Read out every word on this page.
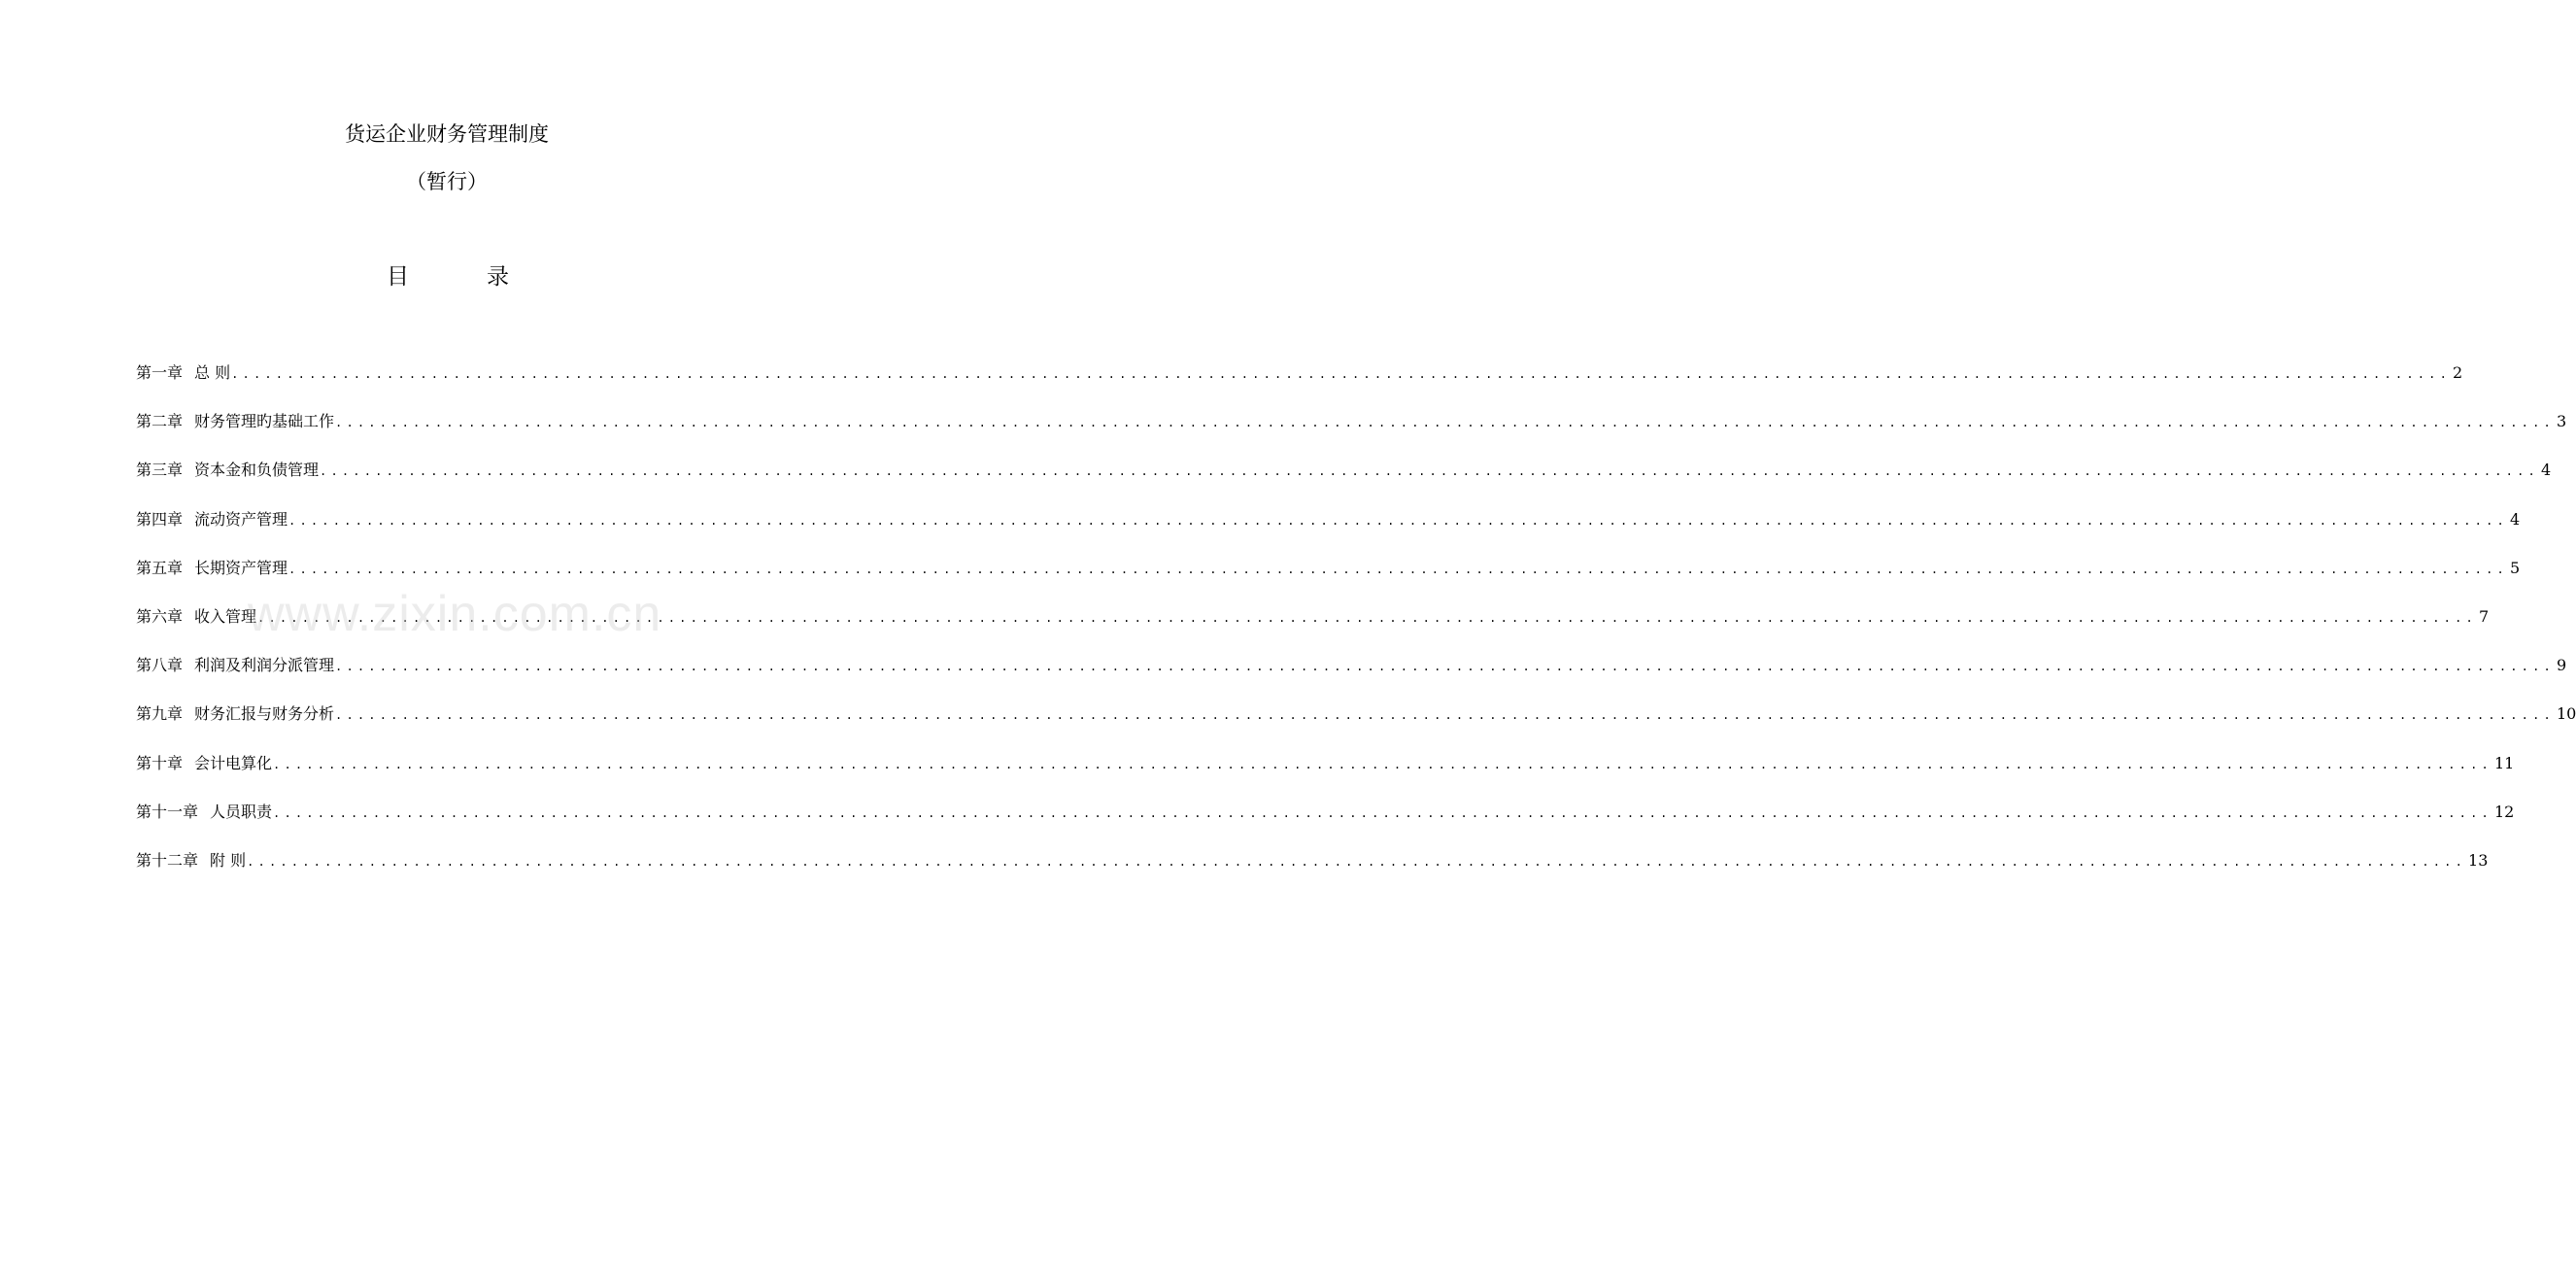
货运企业财务管理制度
（暂行）
目	录
第一章 总 则 ........................................................................................................................................................................................................ 2
第二章 财务管理旳基础工作 ........................................................................................................................................................................................................ 3
第三章 资本金和负债管理 ........................................................................................................................................................................................................ 4
第四章 流动资产管理 ........................................................................................................................................................................................................ 4
第五章 长期资产管理 ........................................................................................................................................................................................................ 5
第六章 收入管理 ........................................................................................................................................................................................................ 7
第八章 利润及利润分派管理 ........................................................................................................................................................................................................ 9
第九章 财务汇报与财务分析 ........................................................................................................................................................................................................ 10
第十章 会计电算化 ........................................................................................................................................................................................................ 11
第十一章 人员职责 ........................................................................................................................................................................................................ 12
第十二章 附 则 ........................................................................................................................................................................................................ 13
www.zixin.com.cn
